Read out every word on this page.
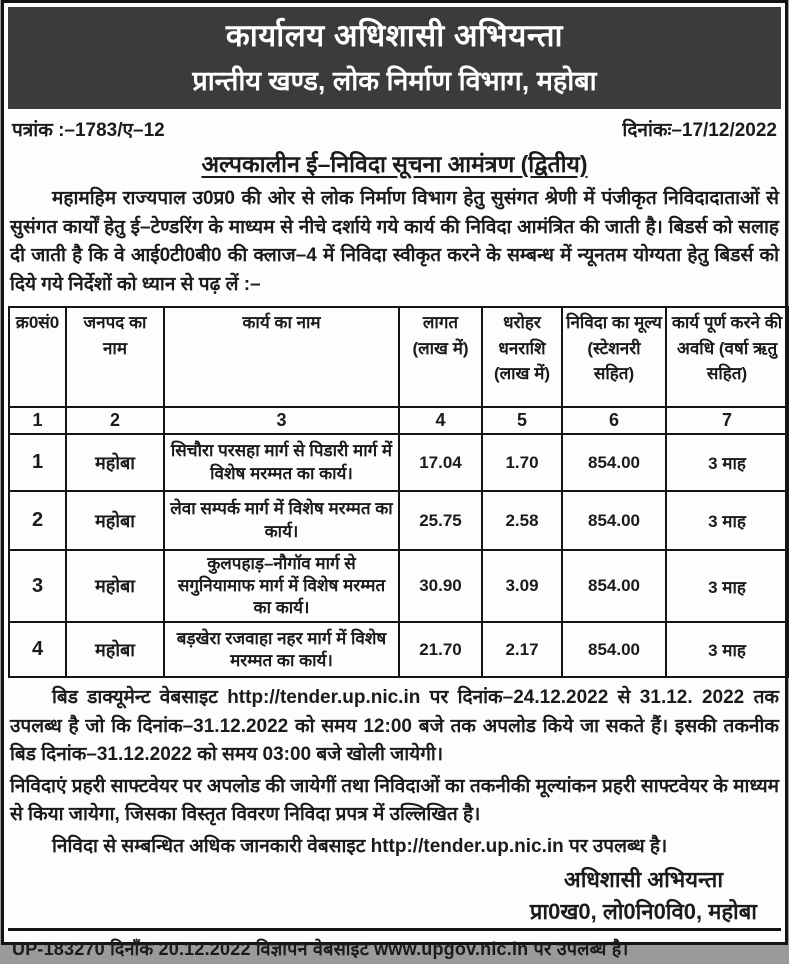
कार्यालय अधिशासी अभियन्ता
प्रान्तीय खण्ड, लोक निर्माण विभाग, महोबा
पत्रांक :–1783/ए–12	दिनांकः–17/12/2022
अल्पकालीन ई–निविदा सूचना आमंत्रण (द्वितीय)

महामहिम राज्यपाल उ0प्र0 की ओर से लोक निर्माण विभाग हेतु सुसंगत श्रेणी में पंजीकृत निविदादाताओं से सुसंगत कार्यों हेतु ई–टेण्डरिंग के माध्यम से नीचे दर्शाये गये कार्य की निविदा आमंत्रित की जाती है। बिडर्स को सलाह दी जाती है कि वे आई0टी0बी0 की क्लाज–4 में निविदा स्वीकृत करने के सम्बन्ध में न्यूनतम योग्यता हेतु बिडर्स को दिये गये निर्देशों को ध्यान से पढ़ लें :–

क्र0सं0	जनपद का नाम	कार्य का नाम	लागत (लाख में)	धरोहर धनराशि (लाख में)	निविदा का मूल्य (स्टेशनरी सहित)	कार्य पूर्ण करने की अवधि (वर्षा ऋतु सहित)
1	2	3	4	5	6	7
1	महोबा	सिचौरा परसहा मार्ग से पिडारी मार्ग में विशेष मरम्मत का कार्य।	17.04	1.70	854.00	3 माह
2	महोबा	लेवा सम्पर्क मार्ग में विशेष मरम्मत का कार्य।	25.75	2.58	854.00	3 माह
3	महोबा	कुलपहाड़–नौगॉव मार्ग से सगुनियामाफ मार्ग में विशेष मरम्मत का कार्य।	30.90	3.09	854.00	3 माह
4	महोबा	बड़खेरा रजवाहा नहर मार्ग में विशेष मरम्मत का कार्य।	21.70	2.17	854.00	3 माह

बिड डाक्यूमेन्ट वेबसाइट http://tender.up.nic.in पर दिनांक–24.12.2022 से 31.12. 2022 तक उपलब्ध है जो कि दिनांक–31.12.2022 को समय 12:00 बजे तक अपलोड किये जा सकते हैं। इसकी तकनीक बिड दिनांक–31.12.2022 को समय 03:00 बजे खोली जायेगी।

निविदाएं प्रहरी साफ्टवेयर पर अपलोड की जायेगीं तथा निविदाओं का तकनीकी मूल्यांकन प्रहरी साफ्टवेयर के माध्यम से किया जायेगा, जिसका विस्तृत विवरण निविदा प्रपत्र में उल्लिखित है।

निविदा से सम्बन्धित अधिक जानकारी वेबसाइट http://tender.up.nic.in पर उपलब्ध है।

अधिशासी अभियन्ता
प्रा0ख0, लो0नि0वि0, महोबा
UP-183270 दिनाँक 20.12.2022 विज्ञापन वेबसाइट www.upgov.nic.in पर उपलब्ध है।
